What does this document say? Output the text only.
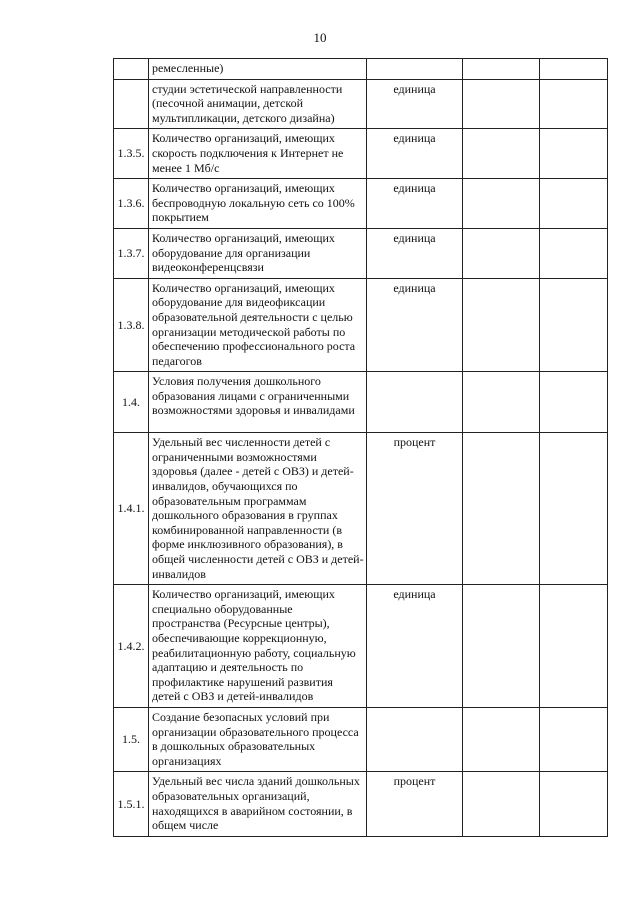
10
	ремесленные)			
	студии эстетической направленности (песочной анимации, детской мультипликации, детского дизайна)	единица		
1.3.5.	Количество организаций, имеющих скорость подключения к Интернет не менее 1 Мб/с	единица		
1.3.6.	Количество организаций, имеющих беспроводную локальную сеть со 100% покрытием	единица		
1.3.7.	Количество организаций, имеющих оборудование для организации видеоконференцсвязи	единица		
1.3.8.	Количество организаций, имеющих оборудование для видеофиксации образовательной деятельности с целью организации методической работы по обеспечению профессионального роста педагогов	единица		
1.4.	Условия получения дошкольного образования лицами с ограниченными возможностями здоровья и инвалидами			
1.4.1.	Удельный вес численности детей с ограниченными возможностями здоровья (далее - детей с ОВЗ) и детей-инвалидов, обучающихся по образовательным программам дошкольного образования в группах комбинированной направленности (в форме инклюзивного образования), в общей численности детей с ОВЗ и детей-инвалидов	процент		
1.4.2.	Количество организаций, имеющих специально оборудованные пространства (Ресурсные центры), обеспечивающие коррекционную, реабилитационную работу, социальную адаптацию и деятельность по профилактике нарушений развития детей с ОВЗ и детей-инвалидов	единица		
1.5.	Создание безопасных условий при организации образовательного процесса в дошкольных образовательных организациях			
1.5.1.	Удельный вес числа зданий дошкольных образовательных организаций, находящихся в аварийном состоянии, в общем числе	процент		
